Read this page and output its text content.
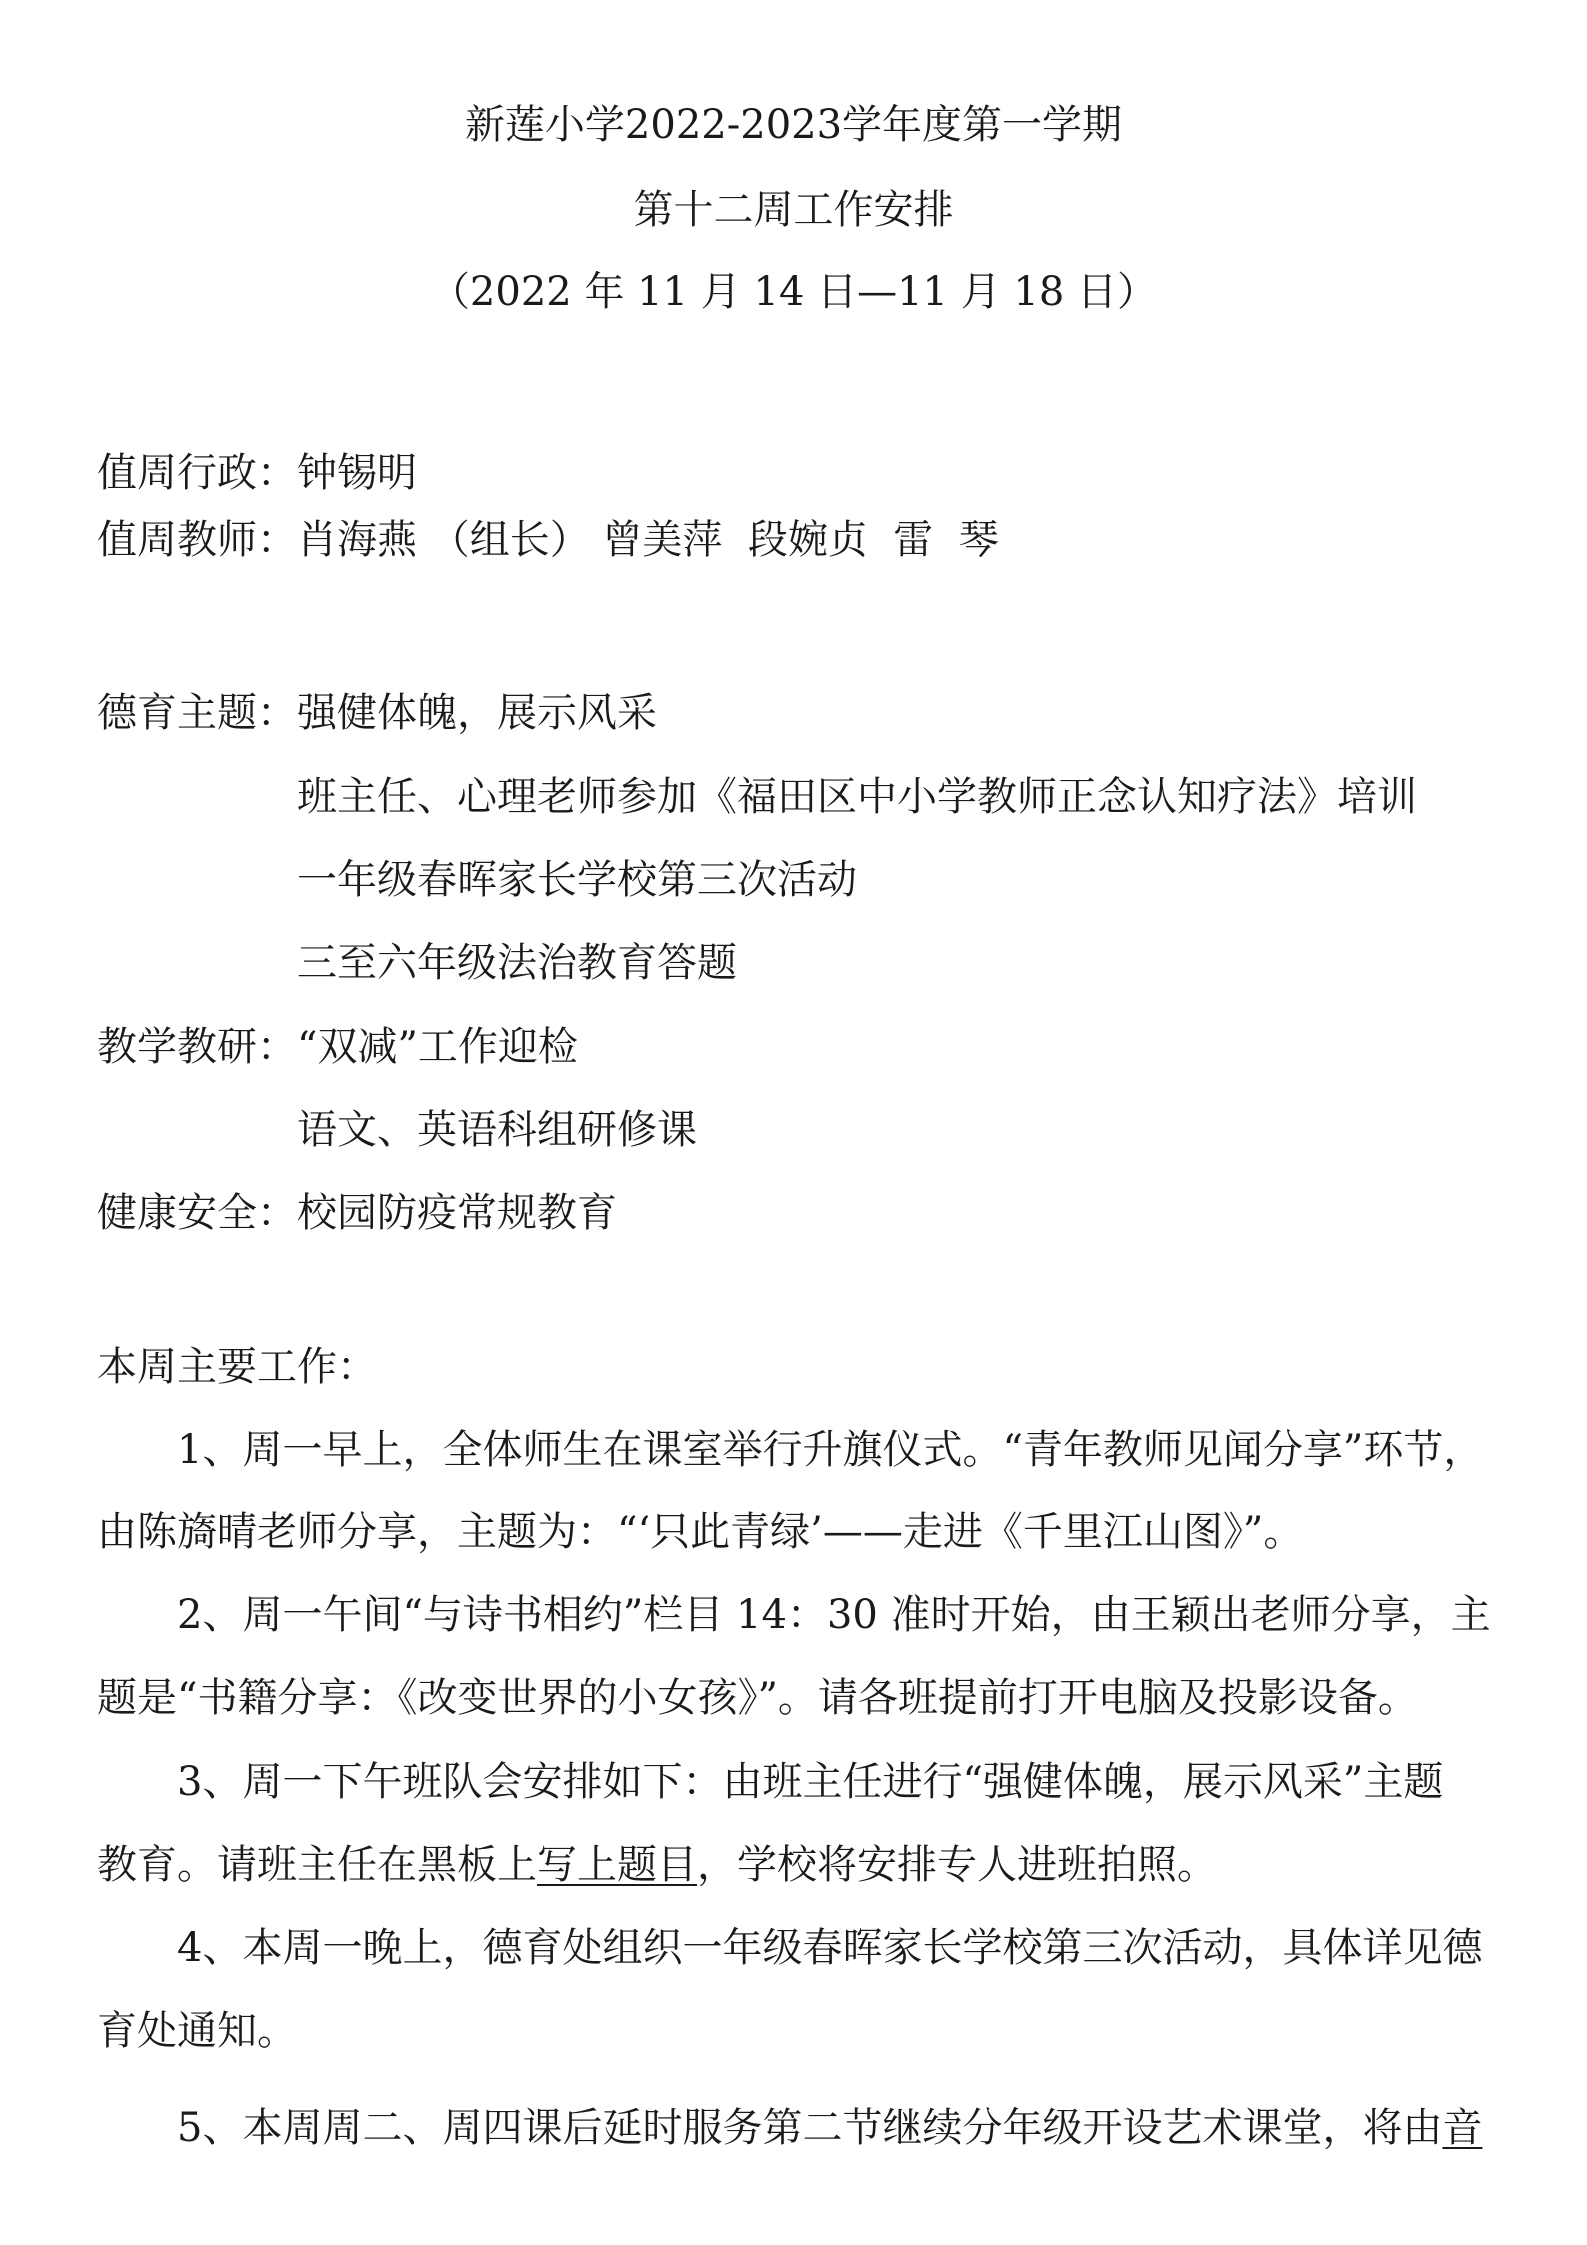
新莲小学2022-2023学年度第一学期
第十二周工作安排
（2022 年 11 月 14 日—11 月 18 日）
值周行政：钟锡明
值周教师：肖海燕 （组长） 曾美萍  段婉贞  雷  琴
德育主题：强健体魄，展示风采
班主任、心理老师参加《福田区中小学教师正念认知疗法》培训
一年级春晖家长学校第三次活动
三至六年级法治教育答题
教学教研：“双减”工作迎检
语文、英语科组研修课
健康安全：校园防疫常规教育
本周主要工作：
1、周一早上，全体师生在课室举行升旗仪式。“青年教师见闻分享”环节，
由陈旖晴老师分享，主题为：“‘只此青绿’——走进《千里江山图》”。
2、周一午间“与诗书相约”栏目 14：30 准时开始，由王颖出老师分享，主
题是“书籍分享：《改变世界的小女孩》”。请各班提前打开电脑及投影设备。
3、周一下午班队会安排如下：由班主任进行“强健体魄，展示风采”主题
教育。请班主任在黑板上写上题目，学校将安排专人进班拍照。
4、本周一晚上，德育处组织一年级春晖家长学校第三次活动，具体详见德
育处通知。
5、本周周二、周四课后延时服务第二节继续分年级开设艺术课堂，将由音
